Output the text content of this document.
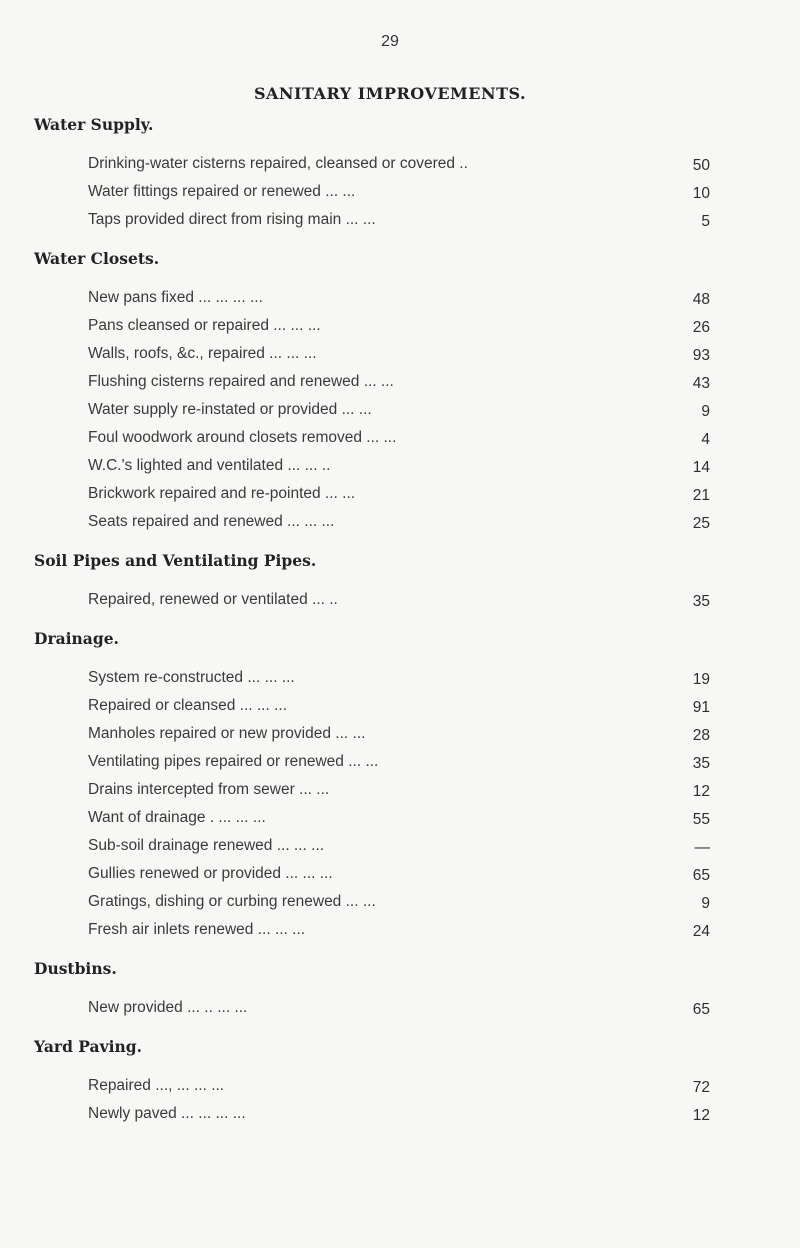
29
SANITARY IMPROVEMENTS.
Water Supply.
Drinking-water cisterns repaired, cleansed or covered ..	50
Water fittings repaired or renewed ... ...	10
Taps provided direct from rising main ... ...	5
Water Closets.
New pans fixed ... ... ... ...	48
Pans cleansed or repaired ... ... ...	26
Walls, roofs, &c., repaired ... ... ...	93
Flushing cisterns repaired and renewed ... ...	43
Water supply re-instated or provided ... ...	9
Foul woodwork around closets removed ... ...	4
W.C.'s lighted and ventilated ... ... ..	14
Brickwork repaired and re-pointed ... ...	21
Seats repaired and renewed ... ... ...	25
Soil Pipes and Ventilating Pipes.
Repaired, renewed or ventilated ... ..	35
Drainage.
System re-constructed ... ... ...	19
Repaired or cleansed ... ... ...	91
Manholes repaired or new provided ... ...	28
Ventilating pipes repaired or renewed ... ...	35
Drains intercepted from sewer ... ...	12
Want of drainage . ... ... ...	55
Sub-soil drainage renewed ... ... ...	—
Gullies renewed or provided ... ... ...	65
Gratings, dishing or curbing renewed ... ...	9
Fresh air inlets renewed ... ... ...	24
Dustbins.
New provided ... .. ... ...	65
Yard Paving.
Repaired ..., ... ... ...	72
Newly paved ... ... ... ...	12
